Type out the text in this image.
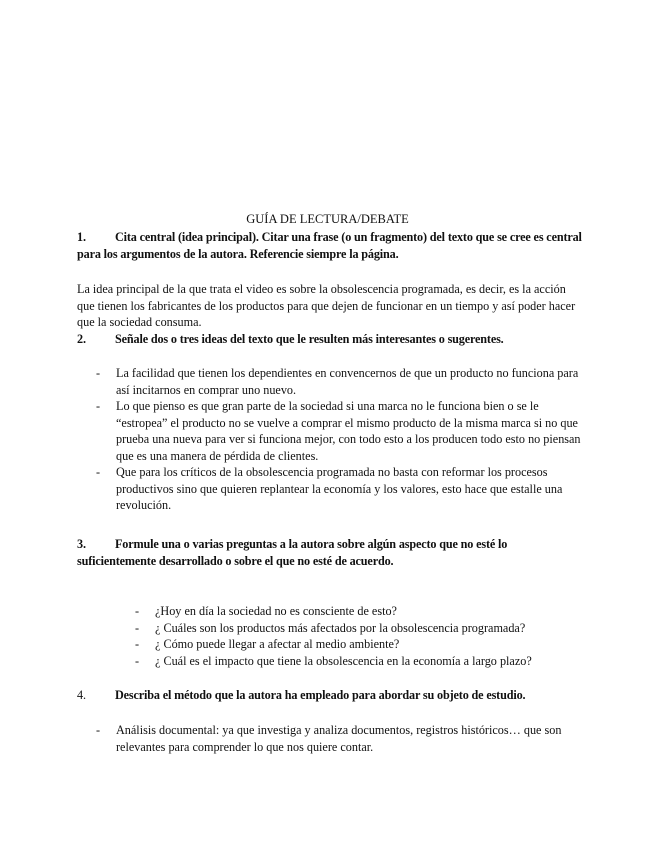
GUÍA DE LECTURA/DEBATE
1. Cita central (idea principal). Citar una frase (o un fragmento) del texto que se cree es central para los argumentos de la autora. Referencie siempre la página.
La idea principal de la que trata el video es sobre la obsolescencia programada, es decir, es la acción que tienen los fabricantes de los productos para que dejen de funcionar en un tiempo y así poder hacer que la sociedad consuma.
2. Señale dos o tres ideas del texto que le resulten más interesantes o sugerentes.
- La facilidad que tienen los dependientes en convencernos de que un producto no funciona para así incitarnos en comprar uno nuevo.
- Lo que pienso es que gran parte de la sociedad si una marca no le funciona bien o se le “estropea” el producto no se vuelve a comprar el mismo producto de la misma marca si no que prueba una nueva para ver si funciona mejor, con todo esto a los producen todo esto no piensan que es una manera de pérdida de clientes.
- Que para los críticos de la obsolescencia programada no basta con reformar los procesos productivos sino que quieren replantear la economía y los valores, esto hace que estalle una revolución.
3. Formule una o varias preguntas a la autora sobre algún aspecto que no esté lo suficientemente desarrollado o sobre el que no esté de acuerdo.
- ¿Hoy en día la sociedad no es consciente de esto?
- ¿ Cuáles son los productos más afectados por la obsolescencia programada?
- ¿ Cómo puede llegar a afectar al medio ambiente?
- ¿ Cuál es el impacto que tiene la obsolescencia en la economía a largo plazo?
4. Describa el método que la autora ha empleado para abordar su objeto de estudio.
- Análisis documental: ya que investiga y analiza documentos, registros históricos… que son relevantes para comprender lo que nos quiere contar.
